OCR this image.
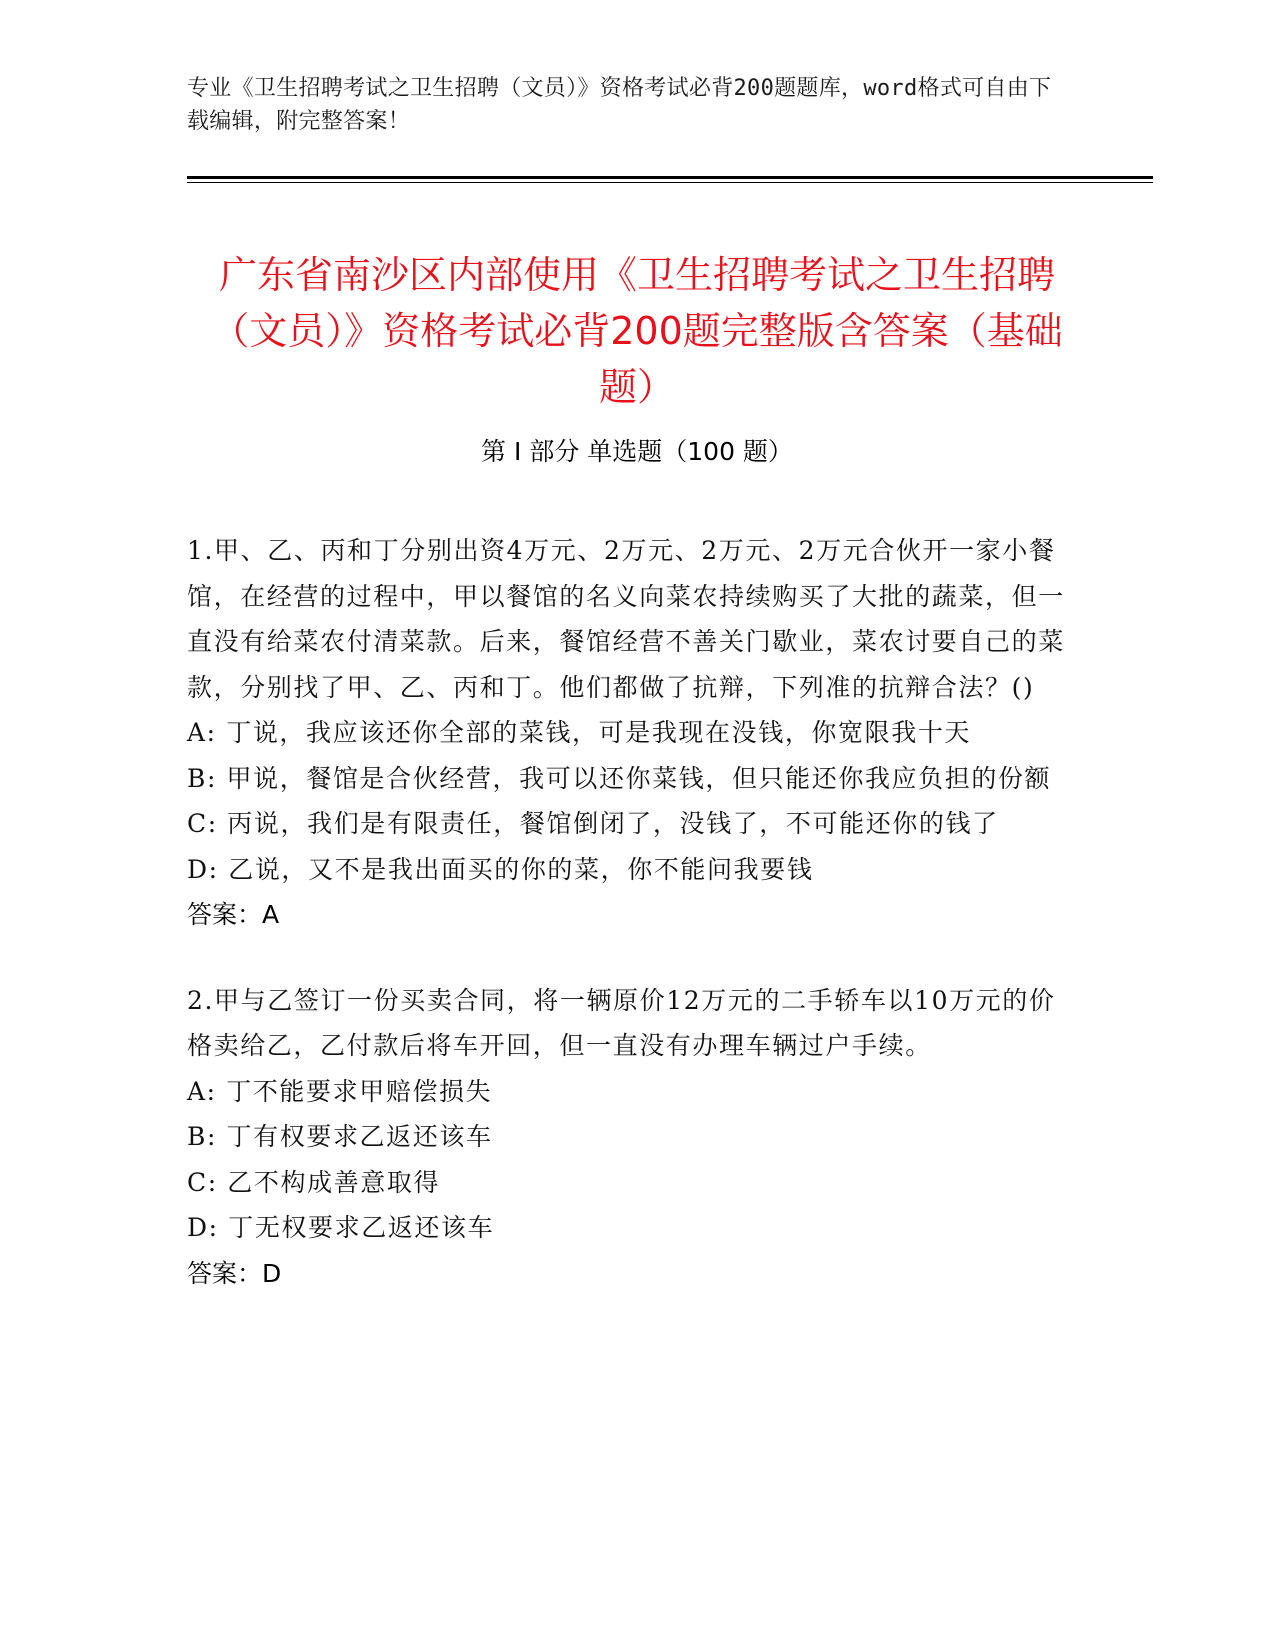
专业《卫生招聘考试之卫生招聘（文员）》资格考试必背200题题库，word格式可自由下载编辑，附完整答案！
广东省南沙区内部使用《卫生招聘考试之卫生招聘（文员）》资格考试必背200题完整版含答案（基础题）
第 I 部分 单选题（100 题）

1.甲、乙、丙和丁分别出资4万元、2万元、2万元、2万元合伙开一家小餐馆，在经营的过程中，甲以餐馆的名义向菜农持续购买了大批的蔬菜，但一直没有给菜农付清菜款。后来，餐馆经营不善关门歇业，菜农讨要自己的菜款，分别找了甲、乙、丙和丁。他们都做了抗辩，下列准的抗辩合法？()

A: 丁说，我应该还你全部的菜钱，可是我现在没钱，你宽限我十天

B: 甲说，餐馆是合伙经营，我可以还你菜钱，但只能还你我应负担的份额

C: 丙说，我们是有限责任，餐馆倒闭了，没钱了，不可能还你的钱了

D: 乙说，又不是我出面买的你的菜，你不能问我要钱

答案：A

2.甲与乙签订一份买卖合同，将一辆原价12万元的二手轿车以10万元的价格卖给乙，乙付款后将车开回，但一直没有办理车辆过户手续。

A: 丁不能要求甲赔偿损失

B: 丁有权要求乙返还该车

C: 乙不构成善意取得

D: 丁无权要求乙返还该车

答案：D
